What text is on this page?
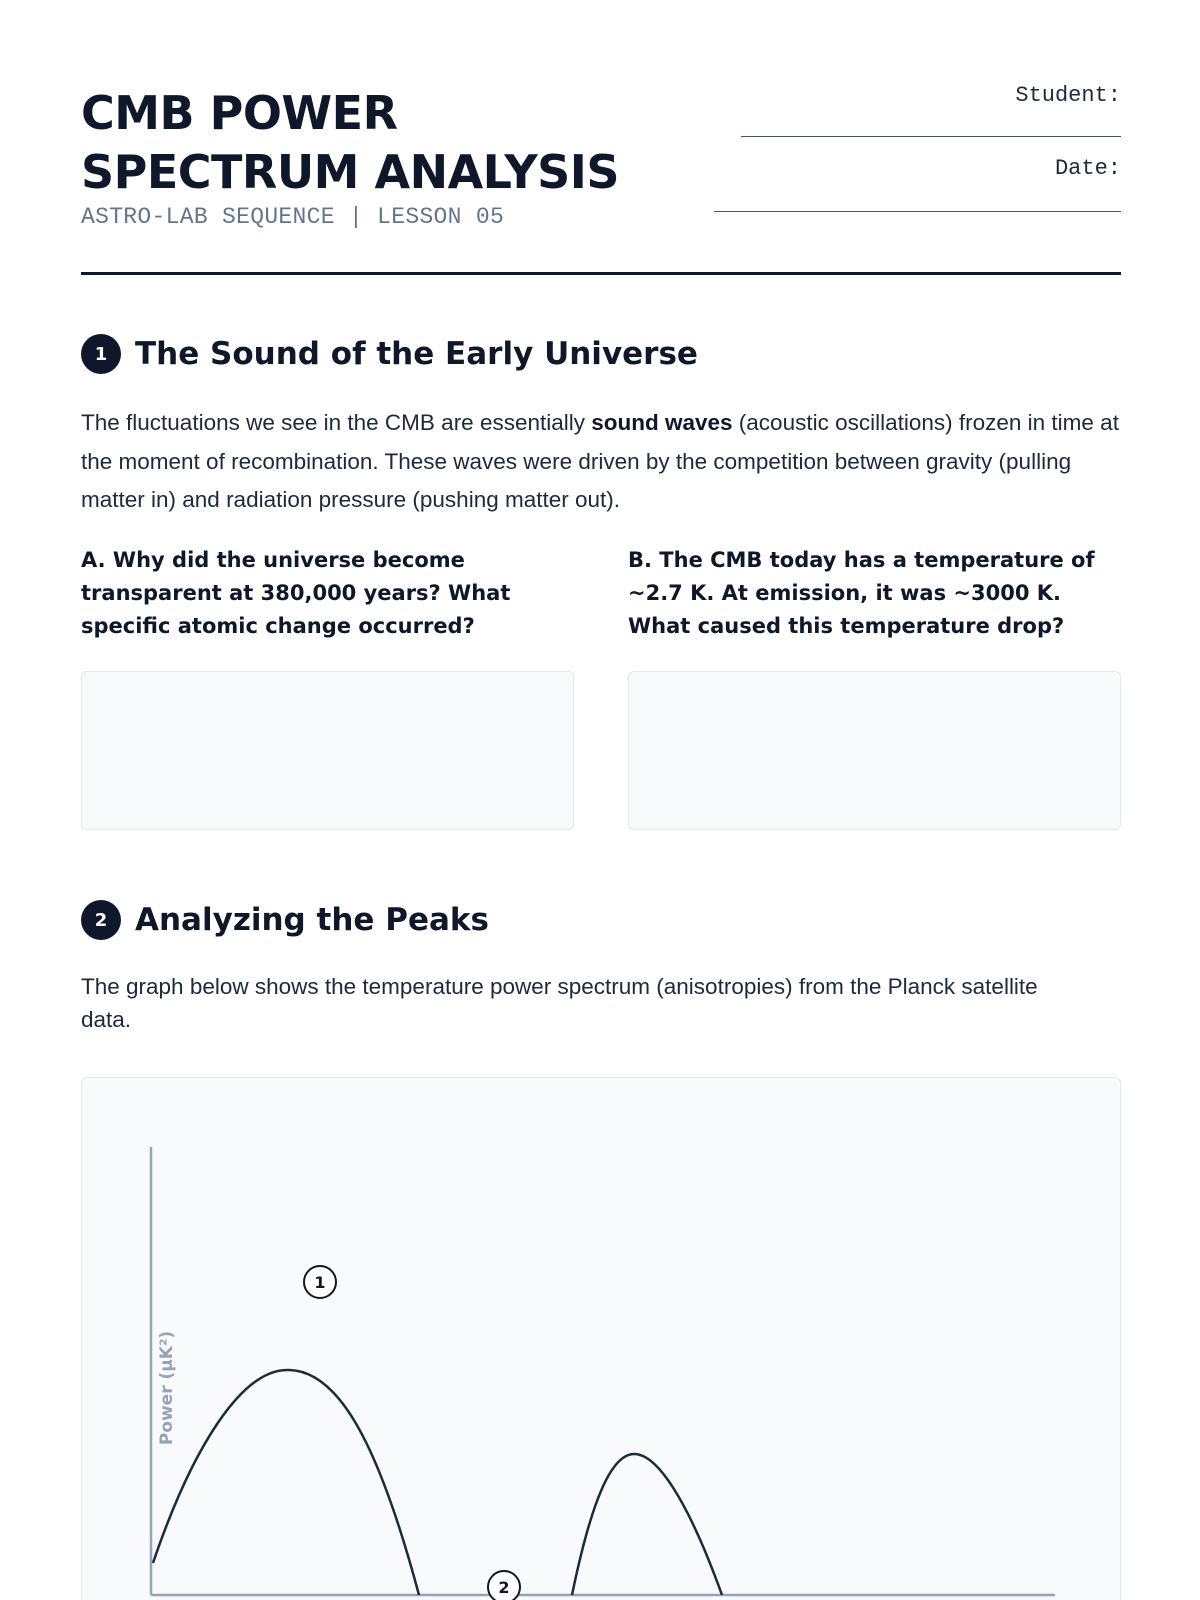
CMB POWER
SPECTRUM ANALYSIS
ASTRO-LAB SEQUENCE | LESSON 05
Student:
Date:
1 The Sound of the Early Universe
The fluctuations we see in the CMB are essentially sound waves (acoustic oscillations) frozen in time at the moment of recombination. These waves were driven by the competition between gravity (pulling matter in) and radiation pressure (pushing matter out).
A. Why did the universe become transparent at 380,000 years? What specific atomic change occurred?
B. The CMB today has a temperature of ~2.7 K. At emission, it was ~3000 K. What caused this temperature drop?
2 Analyzing the Peaks
The graph below shows the temperature power spectrum (anisotropies) from the Planck satellite data.
Power (μK²)
1
2
